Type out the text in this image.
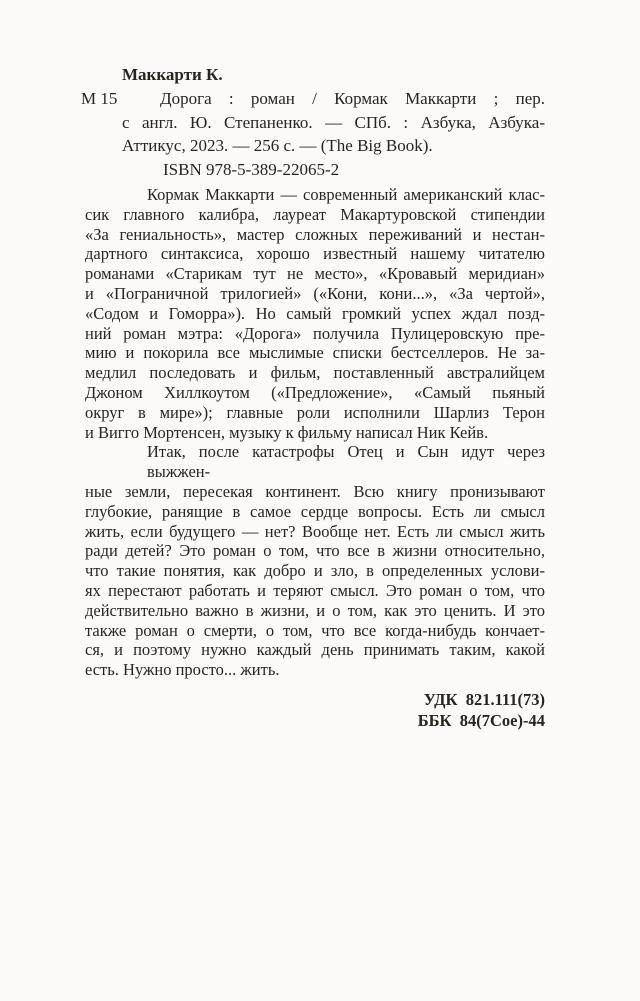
Маккарти К.
М 15	Дорога : роман / Кормак Маккарти ; пер.
с англ. Ю. Степаненко. — СПб. : Азбука, Азбука-
Аттикус, 2023. — 256 с. — (The Big Book).
ISBN 978-5-389-22065-2
Кормак Маккарти — современный американский клас-
сик главного калибра, лауреат Макартуровской стипендии
«За гениальность», мастер сложных переживаний и нестан-
дартного синтаксиса, хорошо известный нашему читателю
романами «Старикам тут не место», «Кровавый меридиан»
и «Пограничной трилогией» («Кони, кони...», «За чертой»,
«Содом и Гоморра»). Но самый громкий успех ждал позд-
ний роман мэтра: «Дорога» получила Пулицеровскую пре-
мию и покорила все мыслимые списки бестселлеров. Не за-
медлил последовать и фильм, поставленный австралийцем
Джоном Хиллкоутом («Предложение», «Самый пьяный
округ в мире»); главные роли исполнили Шарлиз Терон
и Вигго Мортенсен, музыку к фильму написал Ник Кейв.
Итак, после катастрофы Отец и Сын идут через выжжен-
ные земли, пересекая континент. Всю книгу пронизывают
глубокие, ранящие в самое сердце вопросы. Есть ли смысл
жить, если будущего — нет? Вообще нет. Есть ли смысл жить
ради детей? Это роман о том, что все в жизни относительно,
что такие понятия, как добро и зло, в определенных услови-
ях перестают работать и теряют смысл. Это роман о том, что
действительно важно в жизни, и о том, как это ценить. И это
также роман о смерти, о том, что все когда-нибудь кончает-
ся, и поэтому нужно каждый день принимать таким, какой
есть. Нужно просто... жить.
УДК 821.111(73)
ББК 84(7Сое)-44
